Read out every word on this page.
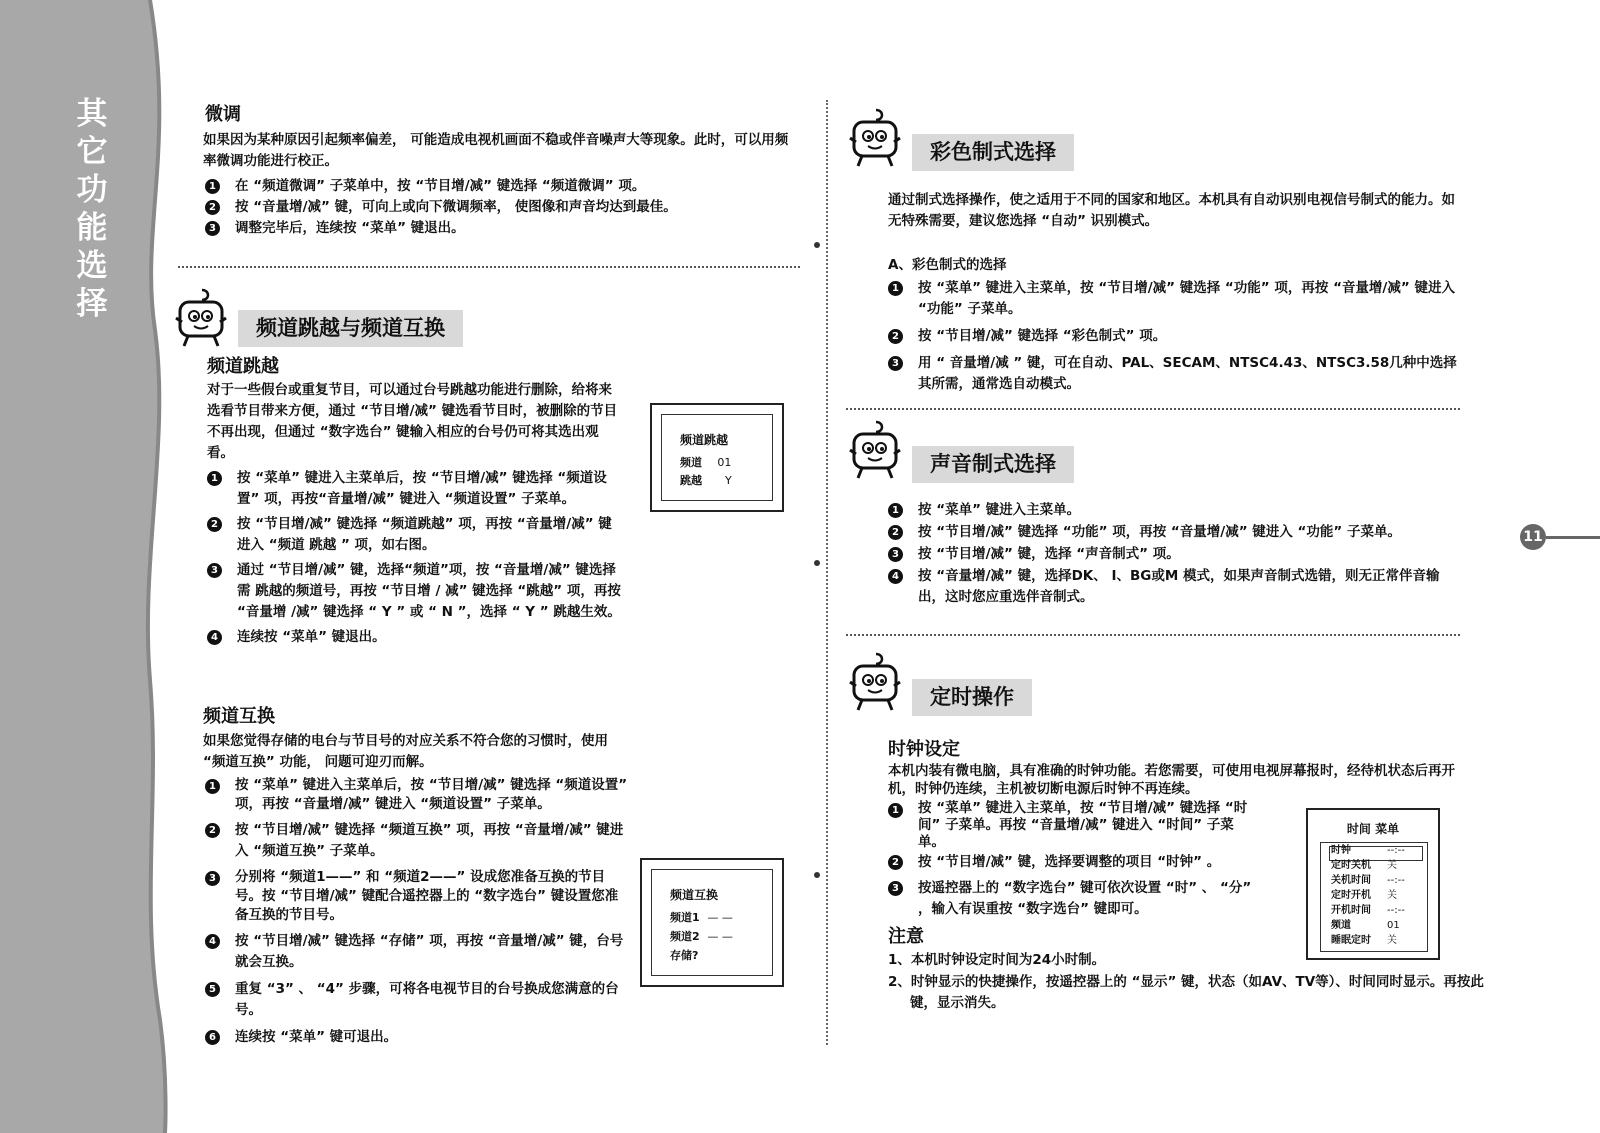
其
它
功
能
选
择
微调
如果因为某种原因引起频率偏差， 可能造成电视机画面不稳或伴音噪声大等现象。此时，可以用频率微调功能进行校正。
1 在 “频道微调” 子菜单中，按 “节目增/减” 键选择 “频道微调” 项。
2 按 “音量增/减” 键，可向上或向下微调频率， 使图像和声音均达到最佳。
3 调整完毕后，连续按 “菜单” 键退出。
频道跳越与频道互换
频道跳越
对于一些假台或重复节目，可以通过台号跳越功能进行删除，给将来选看节目带来方便，通过 “节目增/减” 键选看节目时，被删除的节目不再出现，但通过 “数字选台” 键输入相应的台号仍可将其选出观看。
1 按 “菜单” 键进入主菜单后，按 “节目增/减” 键选择 “频道设置” 项，再按“音量增/减” 键进入 “频道设置” 子菜单。
2 按 “节目增/减” 键选择 “频道跳越” 项，再按 “音量增/减” 键进入 “频道 跳越 ” 项，如右图。
3 通过 “节目增/减” 键，选择“频道”项，按 “音量增/减” 键选择需 跳越的频道号，再按 “节目增 / 减” 键选择 “跳越” 项，再按 “音量增 /减” 键选择 “ Y ” 或 “ N ”，选择 “ Y ” 跳越生效。
4 连续按 “菜单” 键退出。
频道跳越
频道 01
跳越 Y
频道互换
如果您觉得存储的电台与节目号的对应关系不符合您的习惯时，使用 “频道互换” 功能， 问题可迎刃而解。
1 按 “菜单” 键进入主菜单后，按 “节目增/减” 键选择 “频道设置” 项，再按 “音量增/减” 键进入 “频道设置” 子菜单。
2 按 “节目增/减” 键选择 “频道互换” 项，再按 “音量增/减” 键进入 “频道互换” 子菜单。
3 分别将 “频道1——” 和 “频道2——” 设成您准备互换的节目号。按 “节目增/减” 键配合遥控器上的 “数字选台” 键设置您准备互换的节目号。
4 按 “节目增/减” 键选择 “存储” 项，再按 “音量增/减” 键，台号就会互换。
5 重复 “3” 、 “4” 步骤，可将各电视节目的台号换成您满意的台号。
6 连续按 “菜单” 键可退出。
频道互换
频道1 — —
频道2 — —
存储?
彩色制式选择
通过制式选择操作，使之适用于不同的国家和地区。本机具有自动识别电视信号制式的能力。如无特殊需要，建议您选择 “自动” 识别模式。
A、彩色制式的选择
1 按 “菜单” 键进入主菜单，按 “节目增/减” 键选择 “功能” 项，再按 “音量增/减” 键进入 “功能” 子菜单。
2 按 “节目增/减” 键选择 “彩色制式” 项。
3 用 “ 音量增/减 ” 键，可在自动、PAL、SECAM、NTSC4.43、NTSC3.58几种中选择其所需，通常选自动模式。
声音制式选择
1 按 “菜单” 键进入主菜单。
2 按 “节目增/减” 键选择 “功能” 项，再按 “音量增/减” 键进入 “功能” 子菜单。
3 按 “节目增/减” 键，选择 “声音制式” 项。
4 按 “音量增/减” 键，选择DK、 I、BG或M 模式，如果声音制式选错，则无正常伴音输出，这时您应重选伴音制式。
定时操作
时钟设定
本机内装有微电脑，具有准确的时钟功能。若您需要，可使用电视屏幕报时，经待机状态后再开机，时钟仍连续，主机被切断电源后时钟不再连续。
1 按 “菜单” 键进入主菜单，按 “节目增/减” 键选择 “时间” 子菜单。再按 “音量增/减” 键进入 “时间” 子菜单。
2 按 “节目增/减” 键，选择要调整的项目 “时钟” 。
3 按遥控器上的 “数字选台” 键可依次设置 “时” 、 “分” ，输入有误重按 “数字选台” 键即可。
注意
1、本机时钟设定时间为24小时制。
2、时钟显示的快捷操作，按遥控器上的 “显示” 键，状态（如AV、TV等）、时间同时显示。再按此键，显示消失。
时间 菜单
时钟	--:--
定时关机 关
关机时间 --:--
定时开机 关
开机时间 --:--
频道	01
睡眠定时 关
11
